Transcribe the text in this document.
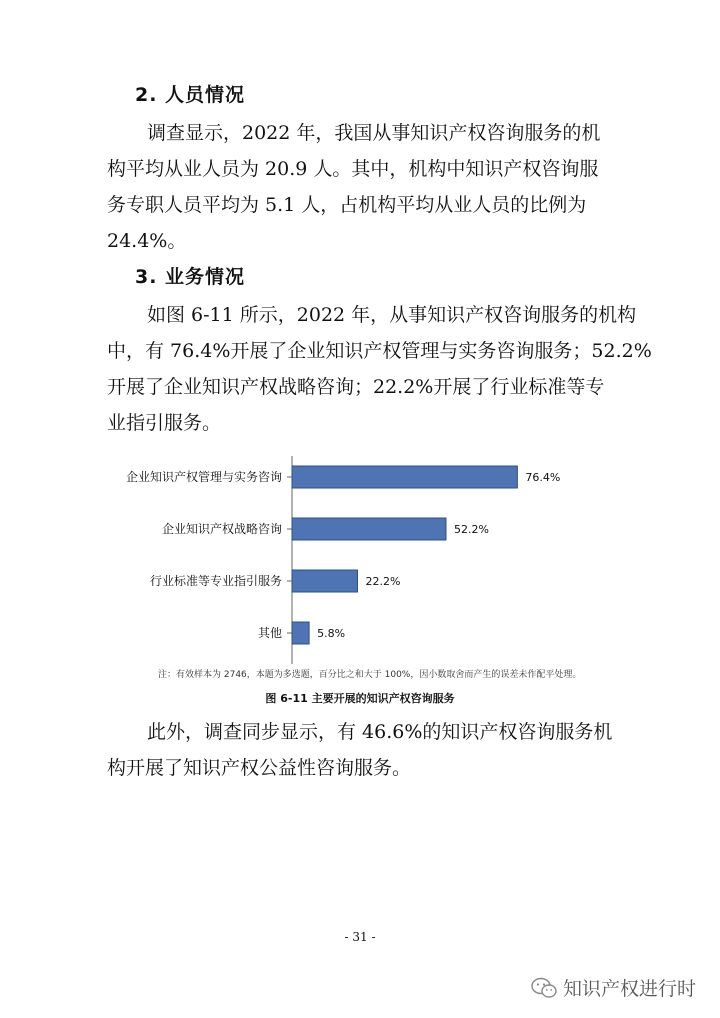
2. 人员情况
调查显示，2022 年，我国从事知识产权咨询服务的机
构平均从业人员为 20.9 人。其中，机构中知识产权咨询服
务专职人员平均为 5.1 人，占机构平均从业人员的比例为
24.4%。
3. 业务情况
如图 6-11 所示，2022 年，从事知识产权咨询服务的机构
中，有 76.4%开展了企业知识产权管理与实务咨询服务；52.2%
开展了企业知识产权战略咨询；22.2%开展了行业标准等专
业指引服务。
企业知识产权管理与实务咨询	76.4%
企业知识产权战略咨询	52.2%
行业标准等专业指引服务	22.2%
其他	5.8%
注：有效样本为 2746，本题为多选题，百分比之和大于 100%，因小数取舍而产生的误差未作配平处理。
图 6-11 主要开展的知识产权咨询服务
此外，调查同步显示，有 46.6%的知识产权咨询服务机
构开展了知识产权公益性咨询服务。
- 31 -
知识产权进行时
